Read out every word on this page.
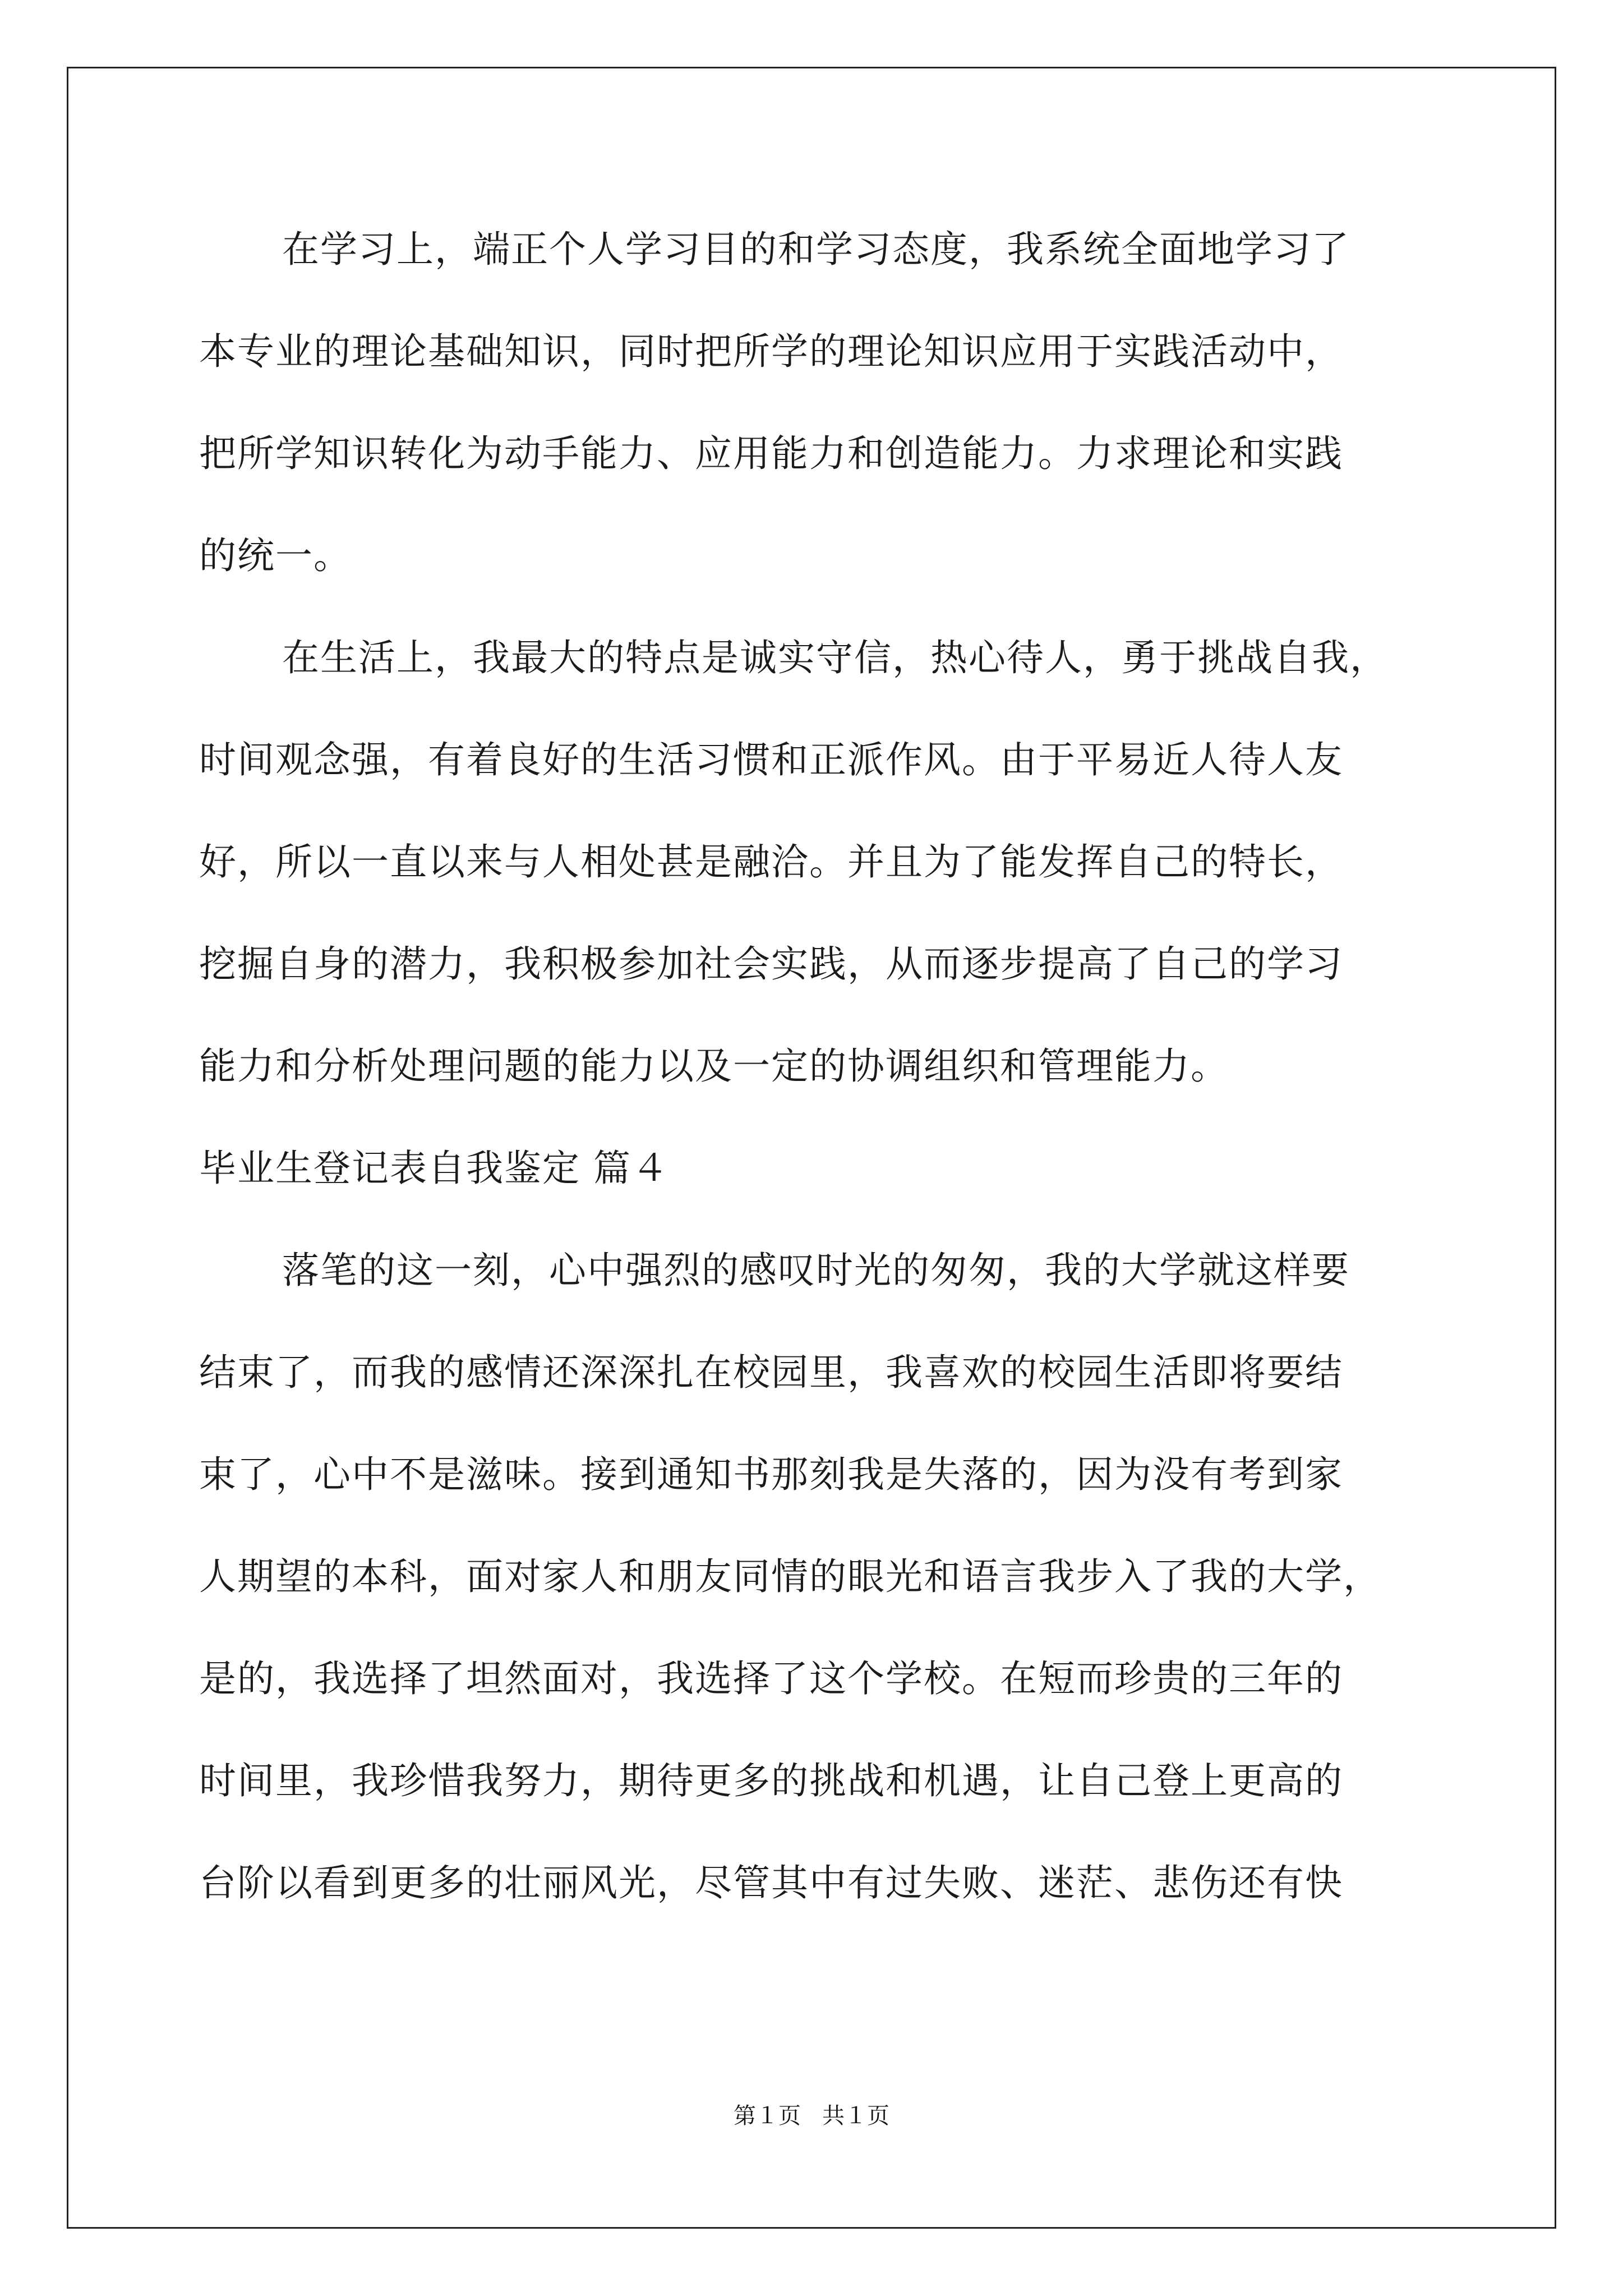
在学习上，端正个人学习目的和学习态度，我系统全面地学习了
本专业的理论基础知识，同时把所学的理论知识应用于实践活动中，
把所学知识转化为动手能力、应用能力和创造能力。力求理论和实践
的统一。
在生活上，我最大的特点是诚实守信，热心待人，勇于挑战自我，
时间观念强，有着良好的生活习惯和正派作风。由于平易近人待人友
好，所以一直以来与人相处甚是融洽。并且为了能发挥自己的特长，
挖掘自身的潜力，我积极参加社会实践，从而逐步提高了自己的学习
能力和分析处理问题的能力以及一定的协调组织和管理能力。
毕业生登记表自我鉴定 篇４
落笔的这一刻，心中强烈的感叹时光的匆匆，我的大学就这样要
结束了，而我的感情还深深扎在校园里，我喜欢的校园生活即将要结
束了，心中不是滋味。接到通知书那刻我是失落的，因为没有考到家
人期望的本科，面对家人和朋友同情的眼光和语言我步入了我的大学，
是的，我选择了坦然面对，我选择了这个学校。在短而珍贵的三年的
时间里，我珍惜我努力，期待更多的挑战和机遇，让自己登上更高的
台阶以看到更多的壮丽风光，尽管其中有过失败、迷茫、悲伤还有快
第１页 共１页
